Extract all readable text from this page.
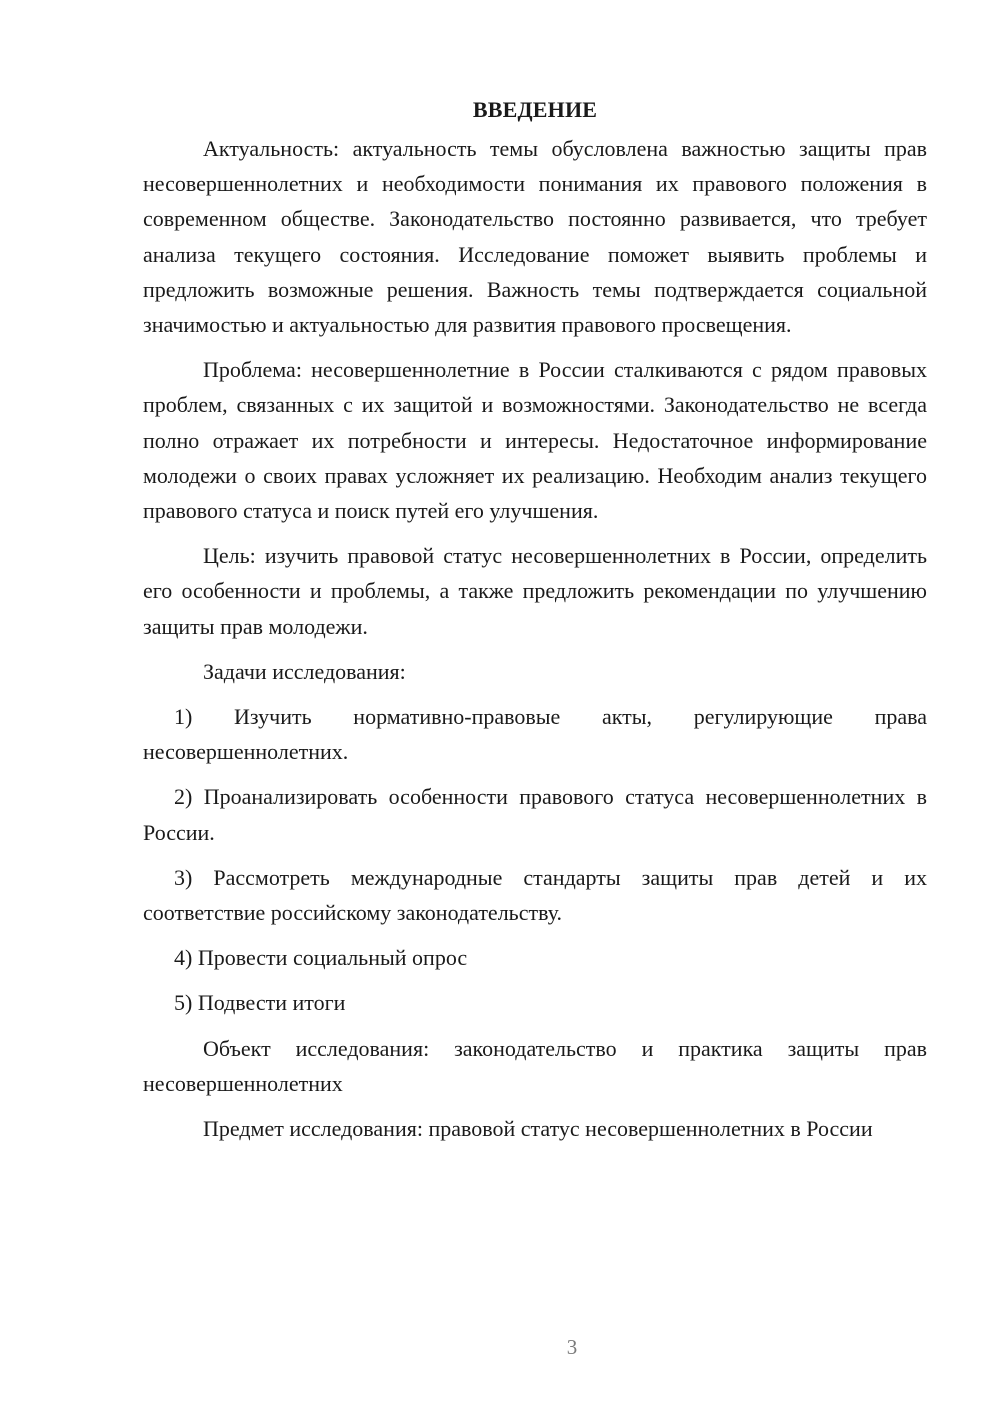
ВВЕДЕНИЕ

Актуальность: актуальность темы обусловлена важностью защиты прав несовершеннолетних и необходимости понимания их правового положения в современном обществе. Законодательство постоянно развивается, что требует анализа текущего состояния. Исследование поможет выявить проблемы и предложить возможные решения. Важность темы подтверждается социальной значимостью и актуальностью для развития правового просвещения.

Проблема: несовершеннолетние в России сталкиваются с рядом правовых проблем, связанных с их защитой и возможностями. Законодательство не всегда полно отражает их потребности и интересы. Недостаточное информирование молодежи о своих правах усложняет их реализацию. Необходим анализ текущего правового статуса и поиск путей его улучшения.

Цель: изучить правовой статус несовершеннолетних в России, определить его особенности и проблемы, а также предложить рекомендации по улучшению защиты прав молодежи.

Задачи исследования:

1) Изучить нормативно-правовые акты, регулирующие права несовершеннолетних.

2) Проанализировать особенности правового статуса несовершеннолетних в России.

3) Рассмотреть международные стандарты защиты прав детей и их соответствие российскому законодательству.

4) Провести социальный опрос

5) Подвести итоги

Объект исследования: законодательство и практика защиты прав несовершеннолетних

Предмет исследования: правовой статус несовершеннолетних в России

3
